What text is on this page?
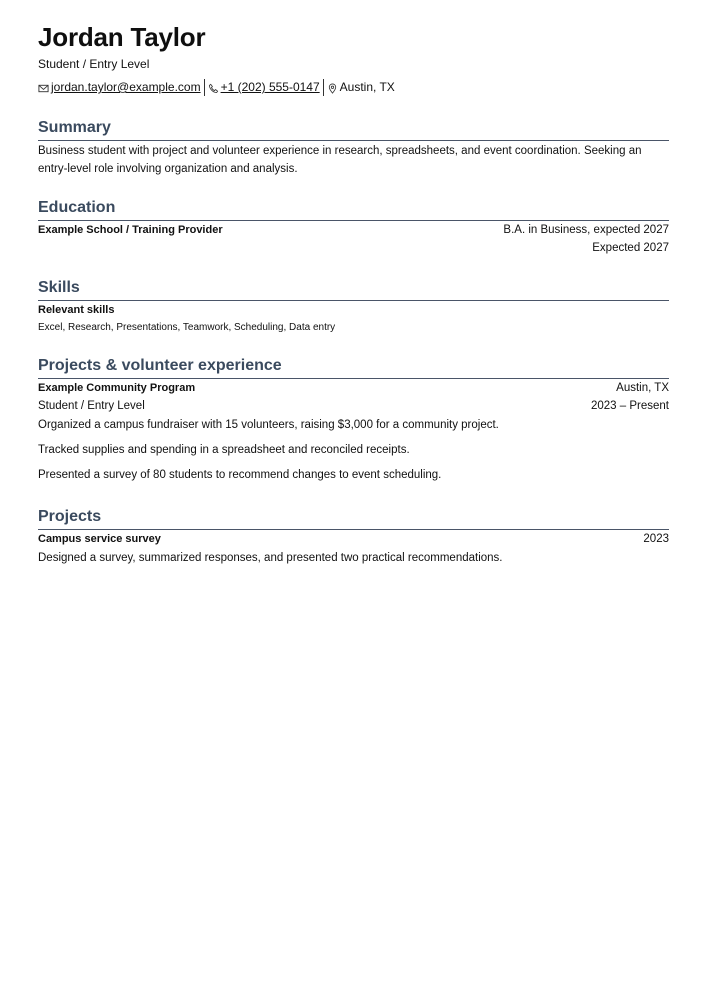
Jordan Taylor
Student / Entry Level
jordan.taylor@example.com +1 (202) 555-0147 Austin, TX
Summary
Business student with project and volunteer experience in research, spreadsheets, and event coordination. Seeking an entry-level role involving organization and analysis.
Education
Example School / Training Provider	B.A. in Business, expected 2027
Expected 2027
Skills
Relevant skills
Excel, Research, Presentations, Teamwork, Scheduling, Data entry
Projects & volunteer experience
Example Community Program	Austin, TX
Student / Entry Level	2023 – Present
Organized a campus fundraiser with 15 volunteers, raising $3,000 for a community project.
Tracked supplies and spending in a spreadsheet and reconciled receipts.
Presented a survey of 80 students to recommend changes to event scheduling.
Projects
Campus service survey	2023
Designed a survey, summarized responses, and presented two practical recommendations.
